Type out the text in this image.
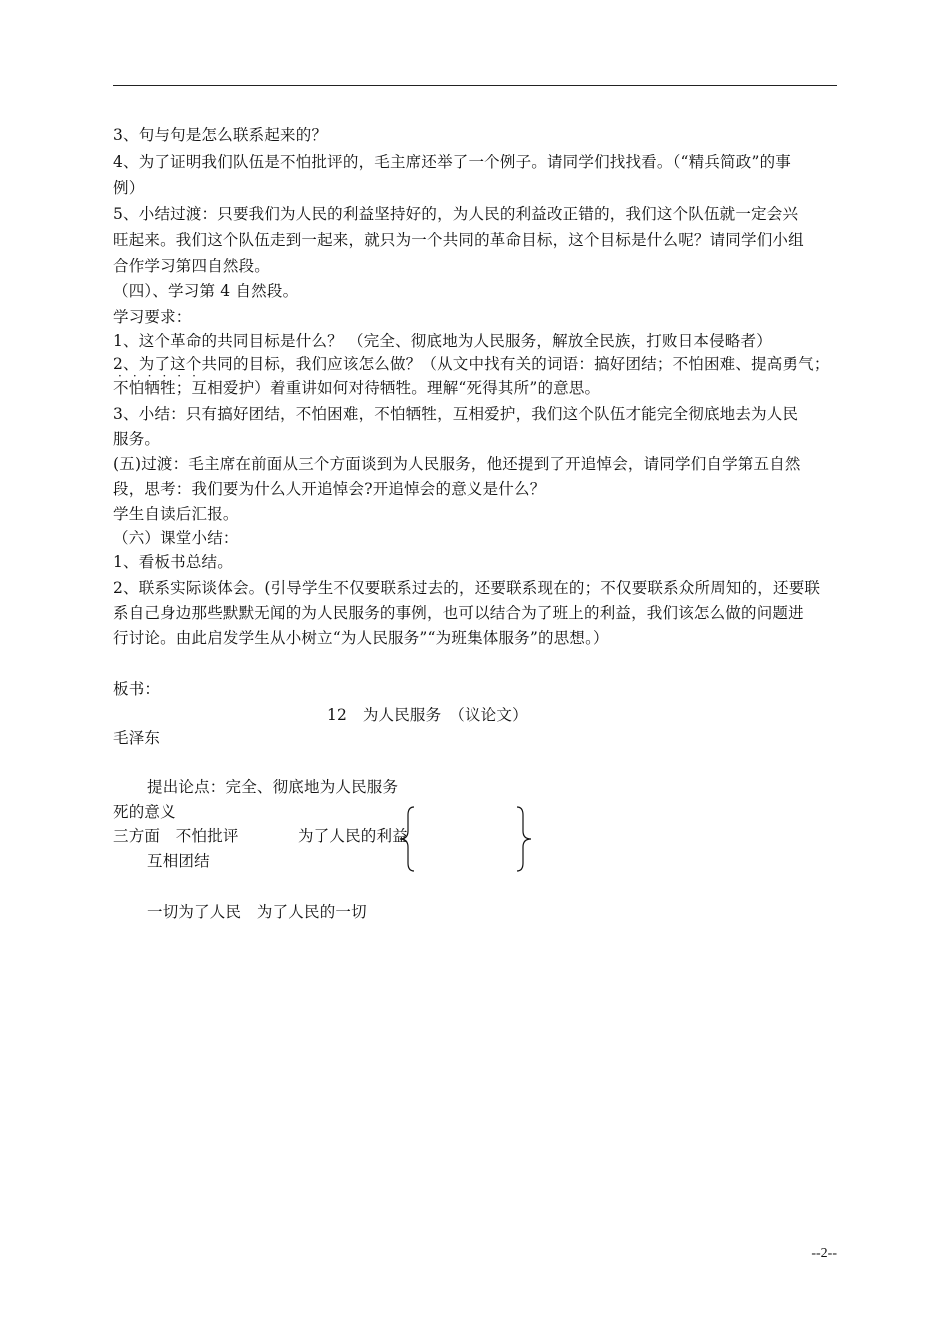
3、句与句是怎么联系起来的？
4、为了证明我们队伍是不怕批评的，毛主席还举了一个例子。请同学们找找看。（“精兵简政”的事
例）
5、小结过渡：只要我们为人民的利益坚持好的，为人民的利益改正错的，我们这个队伍就一定会兴
旺起来。我们这个队伍走到一起来，就只为一个共同的革命目标，这个目标是什么呢？请同学们小组
合作学习第四自然段。
（四）、学习第 4 自然段。
学习要求：
1、这个革命的共同目标是什么？ （完全、彻底地为人民服务，解放全民族，打败日本侵略者）
2、为了这个共同的目标，我们应该怎么做？（从文中找有关的词语：搞好团结；不怕困难、提高勇气；
不怕牺牲；互相爱护）着重讲如何对待牺牲。理解“死得其所”的意思。
······
3、小结：只有搞好团结，不怕困难，不怕牺牲，互相爱护，我们这个队伍才能完全彻底地去为人民
服务。
(五)过渡：毛主席在前面从三个方面谈到为人民服务，他还提到了开追悼会，请同学们自学第五自然
段，思考：我们要为什么人开追悼会?开追悼会的意义是什么？
学生自读后汇报。
（六）课堂小结：
1、看板书总结。
2、联系实际谈体会。(引导学生不仅要联系过去的，还要联系现在的；不仅要联系众所周知的，还要联
系自己身边那些默默无闻的为人民服务的事例，也可以结合为了班上的利益，我们该怎么做的问题进
行讨论。由此启发学生从小树立“为人民服务”“为班集体服务”的思想。）
板书：
12　为人民服务　（议论文）
毛泽东
提出论点：完全、彻底地为人民服务
死的意义
三方面　不怕批评	为了人民的利益
互相团结
一切为了人民　为了人民的一切
--2--
